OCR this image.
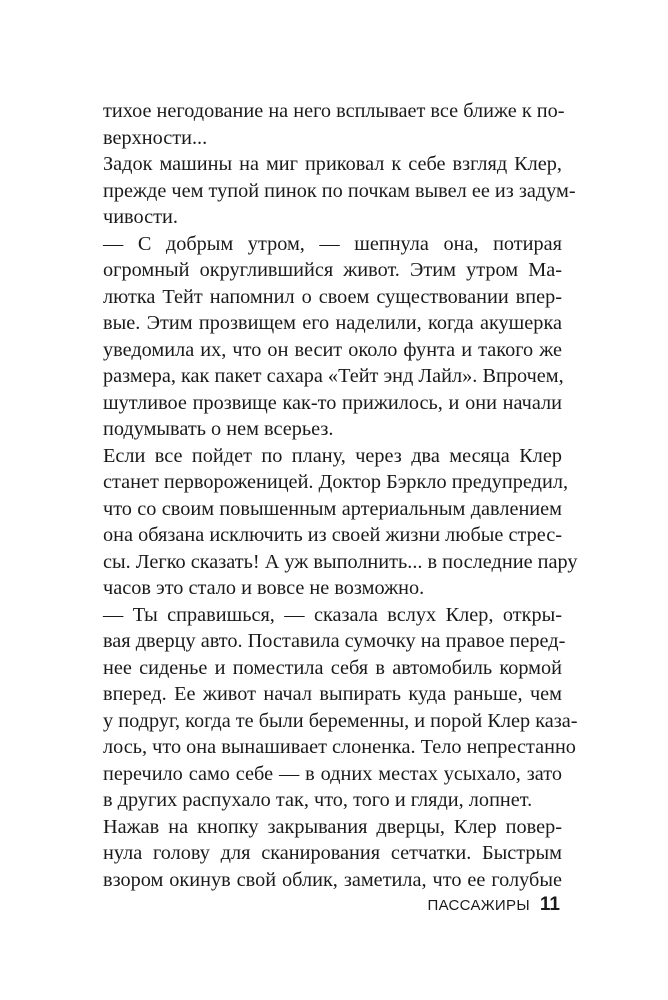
тихое негодование на него всплывает все ближе к по-
верхности...
Задок машины на миг приковал к себе взгляд Клер,
прежде чем тупой пинок по почкам вывел ее из задум-
чивости.
— С добрым утром, — шепнула она, потирая
огромный округлившийся живот. Этим утром Ма-
лютка Тейт напомнил о своем существовании впер-
вые. Этим прозвищем его наделили, когда акушерка
уведомила их, что он весит около фунта и такого же
размера, как пакет сахара «Тейт энд Лайл». Впрочем,
шутливое прозвище как-то прижилось, и они начали
подумывать о нем всерьез.
Если все пойдет по плану, через два месяца Клер
станет первороженицей. Доктор Бэркло предупредил,
что со своим повышенным артериальным давлением
она обязана исключить из своей жизни любые стрес-
сы. Легко сказать! А уж выполнить... в последние пару
часов это стало и вовсе не возможно.
— Ты справишься, — сказала вслух Клер, откры-
вая дверцу авто. Поставила сумочку на правое перед-
нее сиденье и поместила себя в автомобиль кормой
вперед. Ее живот начал выпирать куда раньше, чем
у подруг, когда те были беременны, и порой Клер каза-
лось, что она вынашивает слоненка. Тело непрестанно
перечило само себе — в одних местах усыхало, зато
в других распухало так, что, того и гляди, лопнет.
Нажав на кнопку закрывания дверцы, Клер повер-
нула голову для сканирования сетчатки. Быстрым
взором окинув свой облик, заметила, что ее голубые
ПАССАЖИРЫ 11
